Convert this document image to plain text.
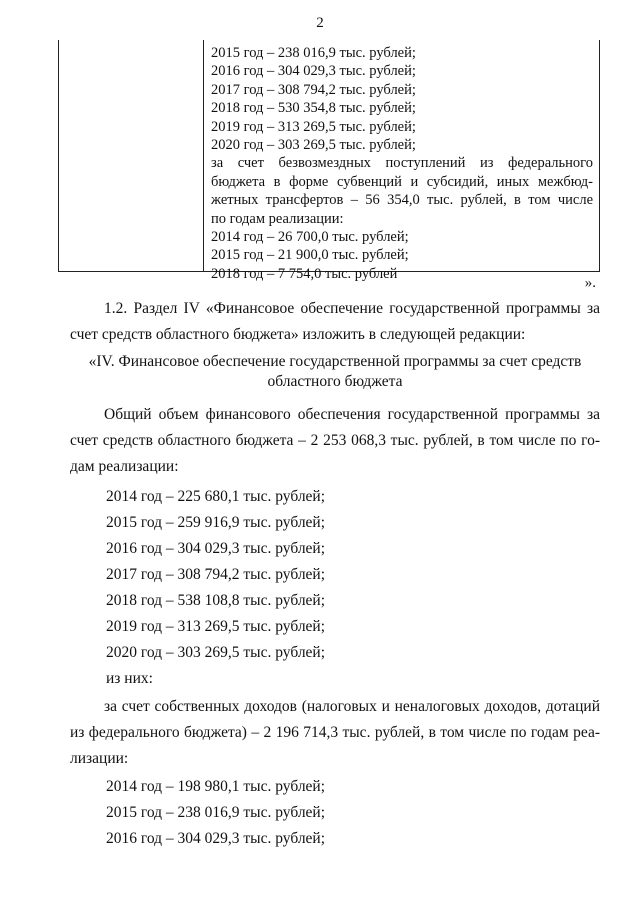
2
2015 год – 238 016,9 тыс. рублей;
2016 год – 304 029,3 тыс. рублей;
2017 год – 308 794,2 тыс. рублей;
2018 год – 530 354,8 тыс. рублей;
2019 год – 313 269,5 тыс. рублей;
2020 год – 303 269,5 тыс. рублей;
за счет безвозмездных поступлений из федерального
бюджета в форме субвенций и субсидий, иных межбюд-
жетных трансфертов – 56 354,0 тыс. рублей, в том числе
по годам реализации:
2014 год – 26 700,0 тыс. рублей;
2015 год – 21 900,0 тыс. рублей;
2018 год – 7 754,0 тыс. рублей
».
1.2. Раздел IV «Финансовое обеспечение государственной программы за
счет средств областного бюджета» изложить в следующей редакции:
«IV. Финансовое обеспечение государственной программы за счет средств
областного бюджета
Общий объем финансового обеспечения государственной программы за
счет средств областного бюджета – 2 253 068,3 тыс. рублей, в том числе по го-
дам реализации:
2014 год – 225 680,1 тыс. рублей;
2015 год – 259 916,9 тыс. рублей;
2016 год – 304 029,3 тыс. рублей;
2017 год – 308 794,2 тыс. рублей;
2018 год – 538 108,8 тыс. рублей;
2019 год – 313 269,5 тыс. рублей;
2020 год – 303 269,5 тыс. рублей;
из них:
за счет собственных доходов (налоговых и неналоговых доходов, дотаций
из федерального бюджета) – 2 196 714,3 тыс. рублей, в том числе по годам реа-
лизации:
2014 год – 198 980,1 тыс. рублей;
2015 год – 238 016,9 тыс. рублей;
2016 год – 304 029,3 тыс. рублей;
